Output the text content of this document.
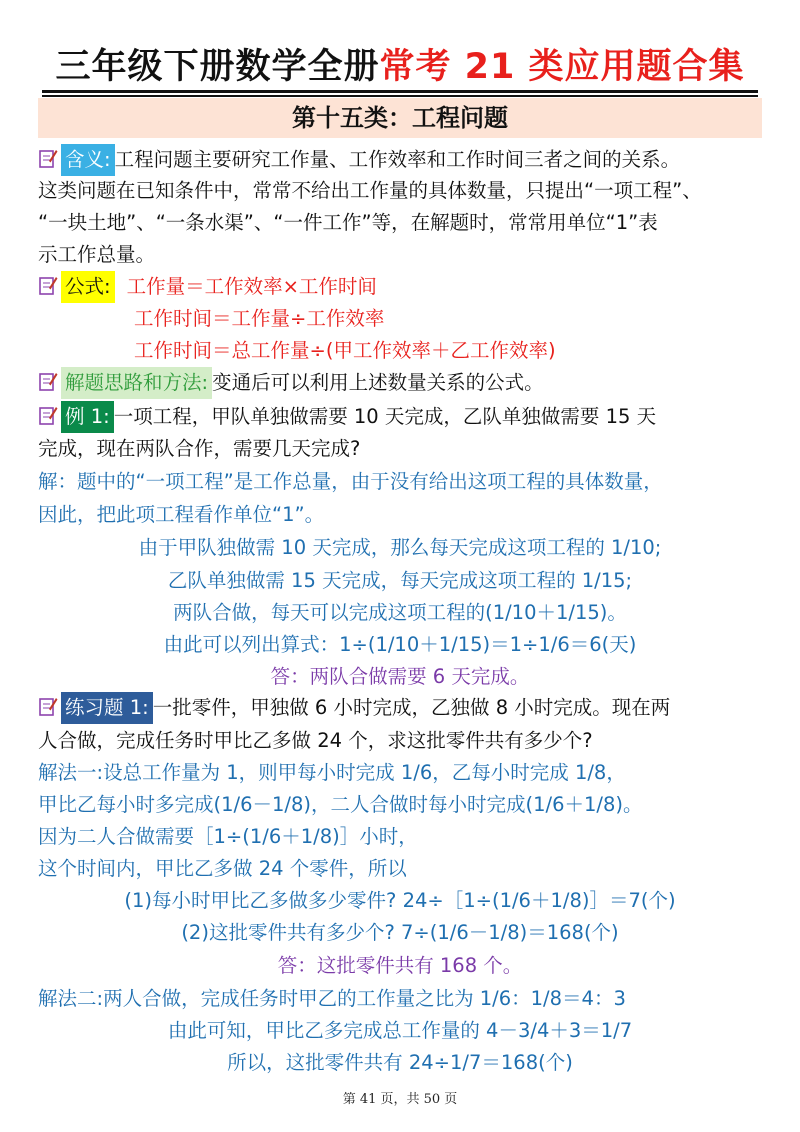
三年级下册数学全册常考 21 类应用题合集
第十五类：工程问题
含义: 工程问题主要研究工作量、工作效率和工作时间三者之间的关系。
这类问题在已知条件中，常常不给出工作量的具体数量，只提出“一项工程”、
“一块土地”、“一条水渠”、“一件工作”等，在解题时，常常用单位“1”表
示工作总量。
公式: 工作量＝工作效率×工作时间
工作时间＝工作量÷工作效率
工作时间＝总工作量÷(甲工作效率＋乙工作效率)
解题思路和方法: 变通后可以利用上述数量关系的公式。
例 1: 一项工程，甲队单独做需要 10 天完成，乙队单独做需要 15 天
完成，现在两队合作，需要几天完成?
解：题中的“一项工程”是工作总量，由于没有给出这项工程的具体数量，
因此，把此项工程看作单位“1”。
由于甲队独做需 10 天完成，那么每天完成这项工程的 1/10;
乙队单独做需 15 天完成，每天完成这项工程的 1/15;
两队合做，每天可以完成这项工程的(1/10＋1/15)。
由此可以列出算式：1÷(1/10＋1/15)＝1÷1/6＝6(天)
答：两队合做需要 6 天完成。
练习题 1: 一批零件，甲独做 6 小时完成，乙独做 8 小时完成。现在两
人合做，完成任务时甲比乙多做 24 个，求这批零件共有多少个?
解法一:设总工作量为 1，则甲每小时完成 1/6，乙每小时完成 1/8，
甲比乙每小时多完成(1/6－1/8)，二人合做时每小时完成(1/6＋1/8)。
因为二人合做需要［1÷(1/6＋1/8)］小时，
这个时间内，甲比乙多做 24 个零件，所以
(1)每小时甲比乙多做多少零件? 24÷［1÷(1/6＋1/8)］＝7(个)
(2)这批零件共有多少个? 7÷(1/6－1/8)＝168(个)
答：这批零件共有 168 个。
解法二:两人合做，完成任务时甲乙的工作量之比为 1/6：1/8＝4：3
由此可知，甲比乙多完成总工作量的 4－3/4＋3＝1/7
所以，这批零件共有 24÷1/7＝168(个)
第 41 页，共 50 页
